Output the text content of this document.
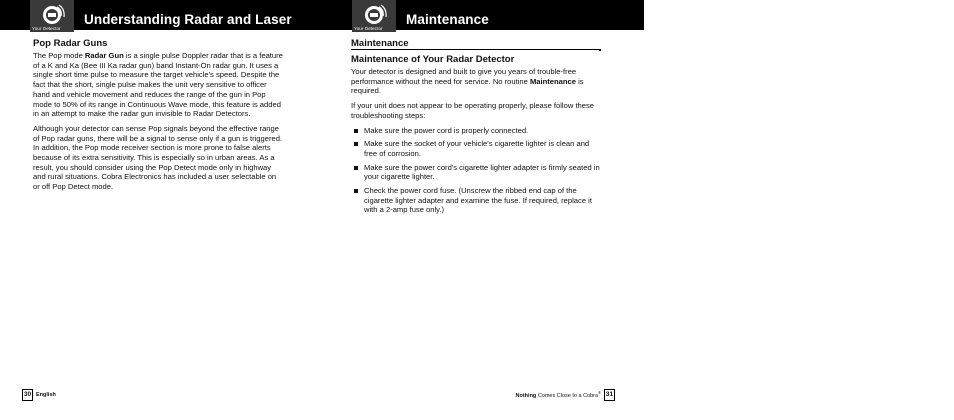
Your Detector
Understanding Radar and Laser
Pop Radar Guns

The Pop mode Radar Gun is a single pulse Doppler radar that is a feature of a K and Ka (Bee III Ka radar gun) band Instant-On radar gun. It uses a single short time pulse to measure the target vehicle's speed. Despite the fact that the short, single pulse makes the unit very sensitive to officer hand and vehicle movement and reduces the range of the gun in Pop mode to 50% of its range in Continuous Wave mode, this feature is added in an attempt to make the radar gun invisible to Radar Detectors.

Although your detector can sense Pop signals beyond the effective range of Pop radar guns, there will be a signal to sense only if a gun is triggered. In addition, the Pop mode receiver section is more prone to false alerts because of its extra sensitivity. This is especially so in urban areas. As a result, you should consider using the Pop Detect mode only in highway and rural situations. Cobra Electronics has included a user selectable on or off Pop Detect mode.

30 English
Your Detector
Maintenance
Maintenance
Maintenance of Your Radar Detector

Your detector is designed and built to give you years of trouble-free performance without the need for service. No routine Maintenance is required.

If your unit does not appear to be operating properly, please follow these troubleshooting steps:

Make sure the power cord is properly connected.
Make sure the socket of your vehicle's cigarette lighter is clean and free of corrosion.
Make sure the power cord's cigarette lighter adapter is firmly seated in your cigarette lighter.
Check the power cord fuse. (Unscrew the ribbed end cap of the cigarette lighter adapter and examine the fuse. If required, replace it with a 2-amp fuse only.)
Nothing Comes Close to a Cobra® 31
